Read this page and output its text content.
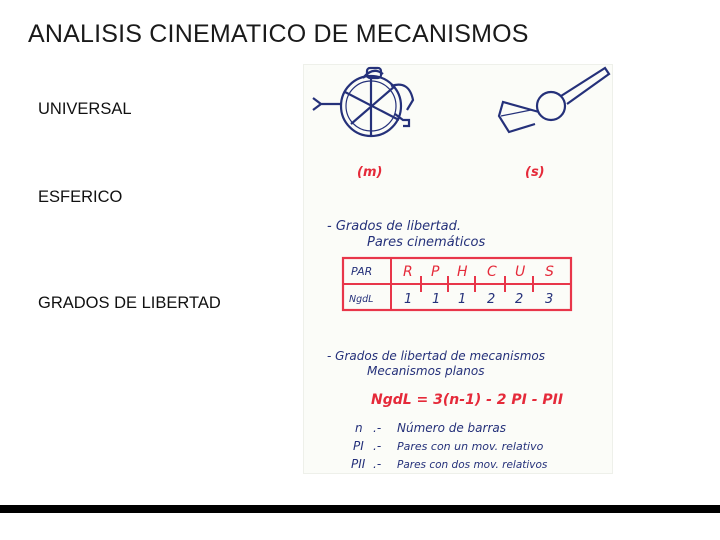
ANALISIS CINEMATICO DE MECANISMOS
UNIVERSAL
ESFERICO
GRADOS DE LIBERTAD
(m)	(s)
- Grados de libertad.
Pares cinemáticos
PAR
NgdL
R P H C U S
1 1 1 2 2 3
- Grados de libertad de mecanismos
Mecanismos planos
NgdL = 3(n-1) - 2 PI - PII
n .- Número de barras
PI .- Pares con un mov. relativo
PII .- Pares con dos mov. relativos
